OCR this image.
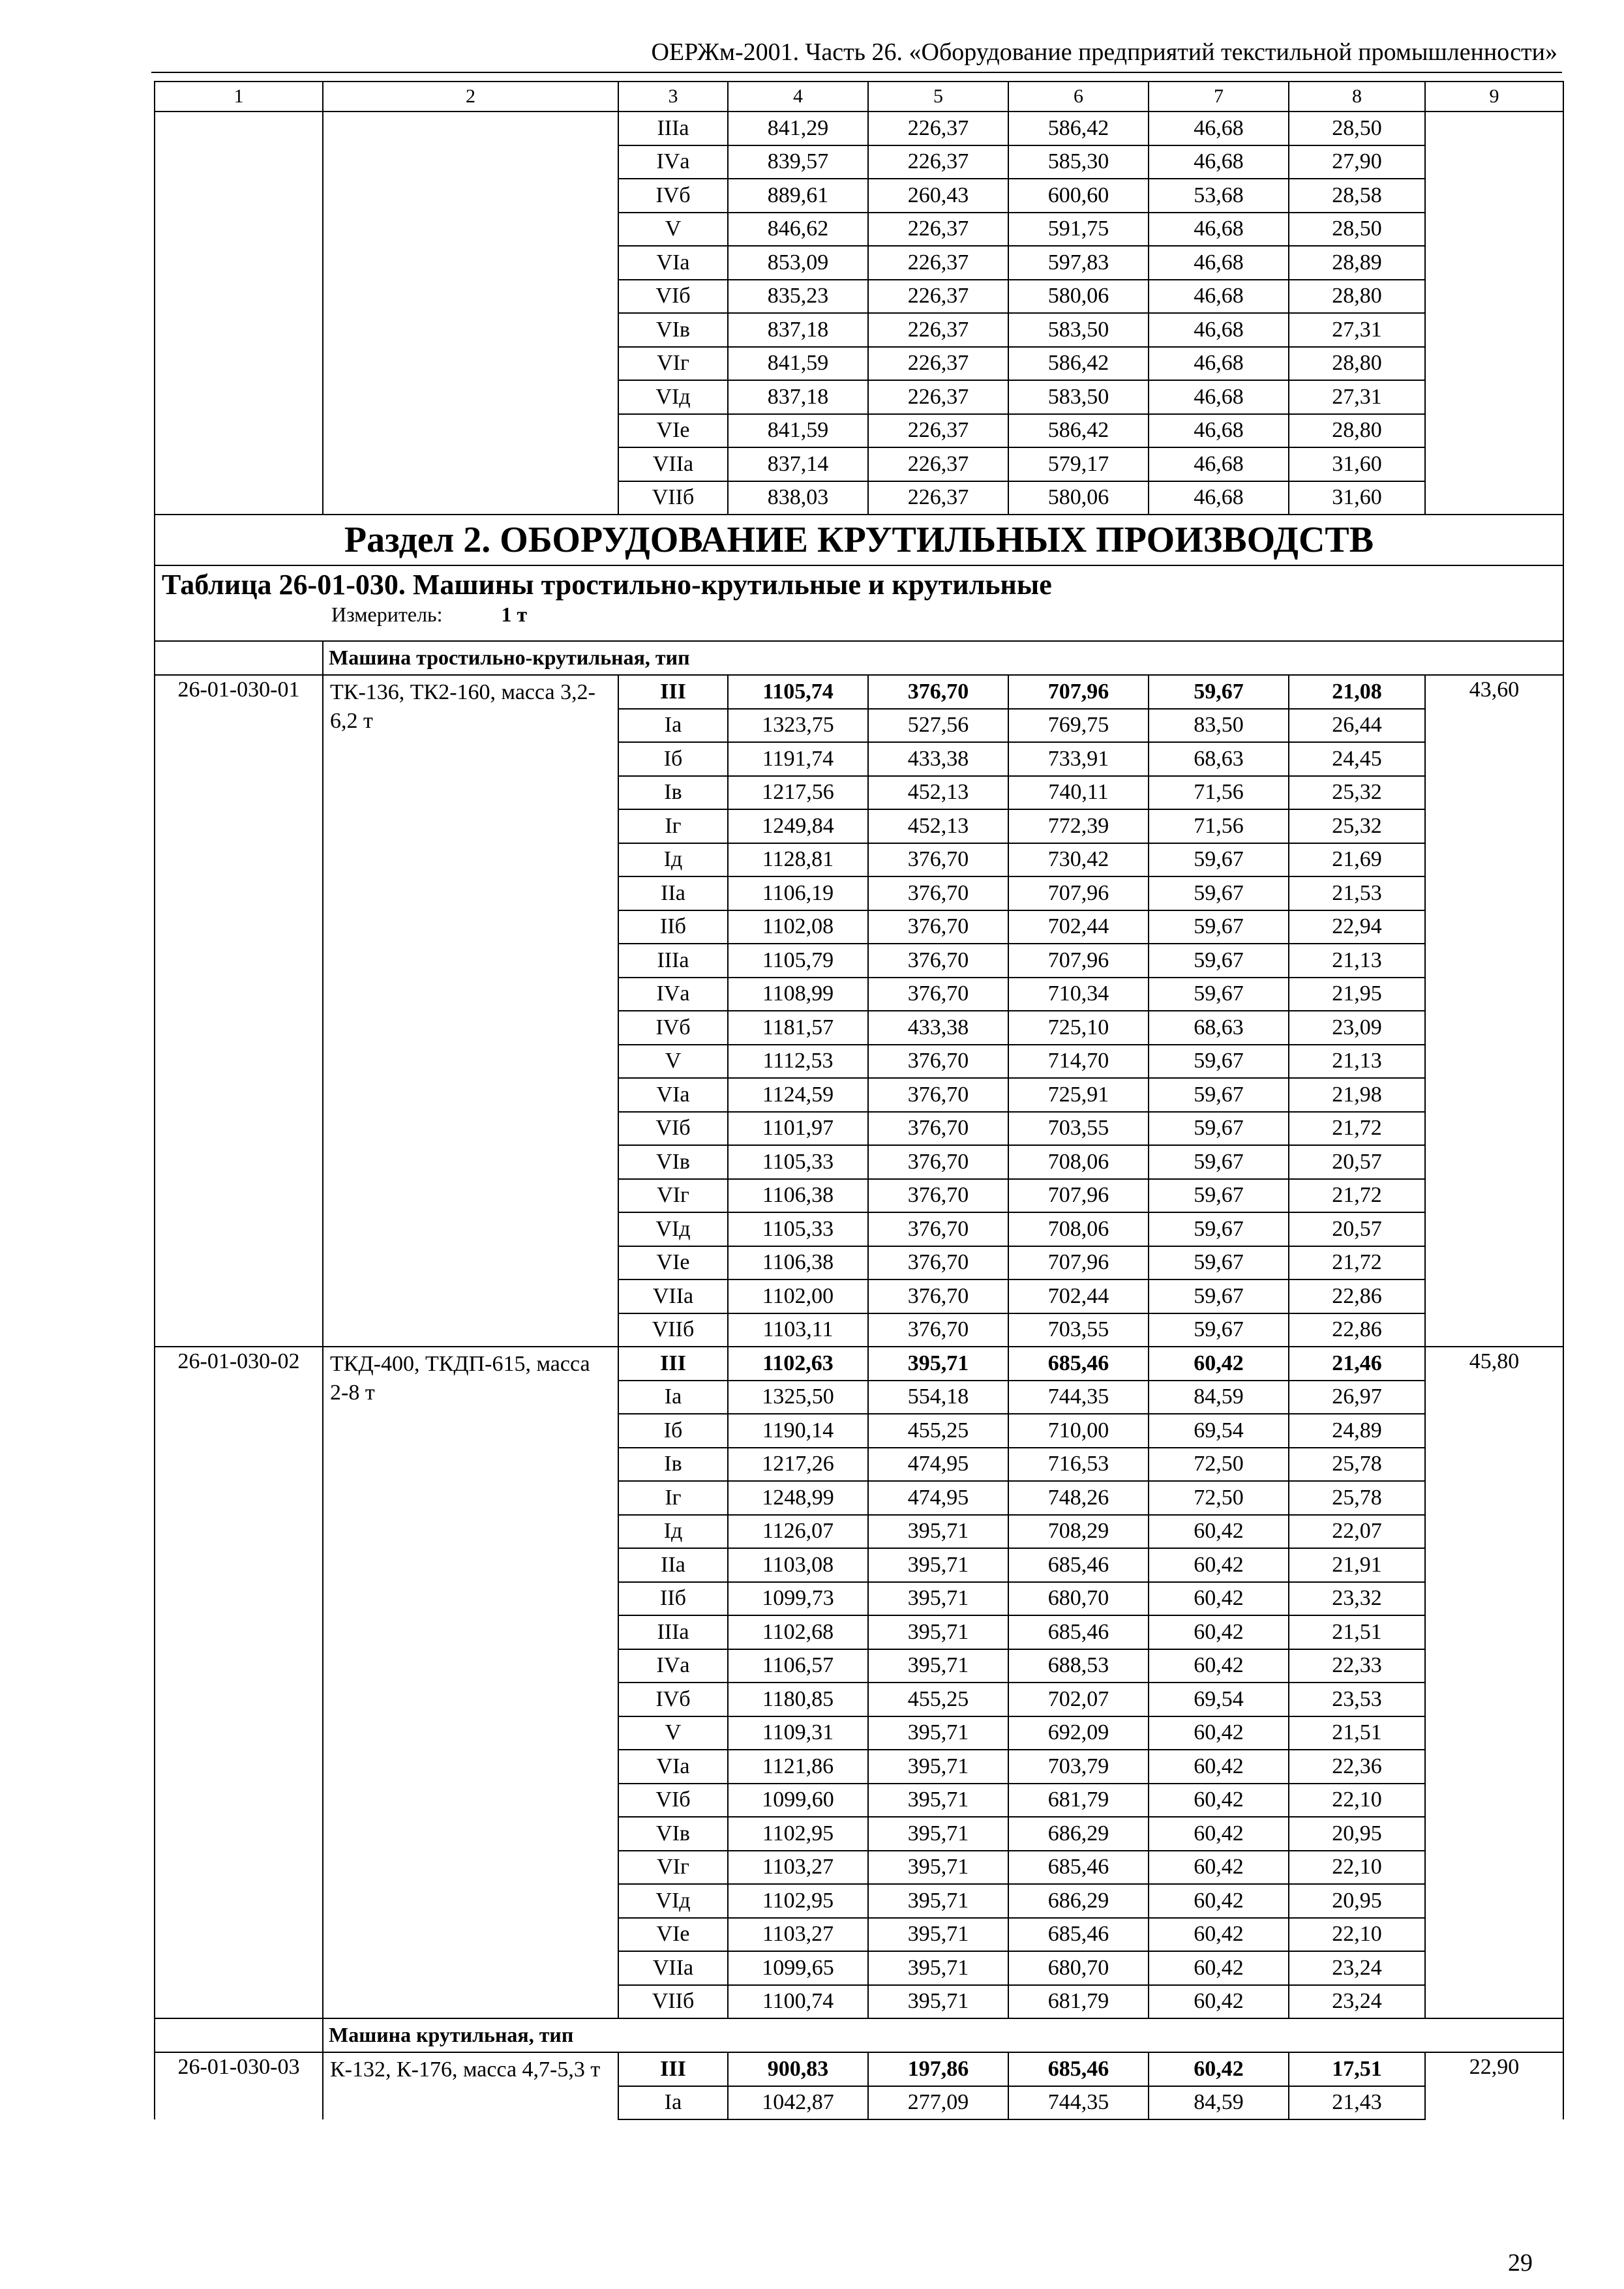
ОЕРЖм-2001. Часть 26. «Оборудование предприятий текстильной промышленности»
1	2	3	4	5	6	7	8	9
		IIIа	841,29	226,37	586,42	46,68	28,50	
		IVа	839,57	226,37	585,30	46,68	27,90	
		IVб	889,61	260,43	600,60	53,68	28,58	
		V	846,62	226,37	591,75	46,68	28,50	
		VIа	853,09	226,37	597,83	46,68	28,89	
		VIб	835,23	226,37	580,06	46,68	28,80	
		VIв	837,18	226,37	583,50	46,68	27,31	
		VIг	841,59	226,37	586,42	46,68	28,80	
		VIд	837,18	226,37	583,50	46,68	27,31	
		VIе	841,59	226,37	586,42	46,68	28,80	
		VIIа	837,14	226,37	579,17	46,68	31,60	
		VIIб	838,03	226,37	580,06	46,68	31,60	
Раздел 2. ОБОРУДОВАНИЕ КРУТИЛЬНЫХ ПРОИЗВОДСТВ								

Таблица 26-01-030. Машины тростильно-крутильные и крутильные
Измеритель: 1 т								

	Машина тростильно-крутильная, тип							
26-01-030-01	ТК-136, ТК2-160, масса 3,2-6,2 т	III	1105,74	376,70	707,96	59,67	21,08	43,60
		Iа	1323,75	527,56	769,75	83,50	26,44	
		Iб	1191,74	433,38	733,91	68,63	24,45	
		Iв	1217,56	452,13	740,11	71,56	25,32	
		Iг	1249,84	452,13	772,39	71,56	25,32	
		Iд	1128,81	376,70	730,42	59,67	21,69	
		IIа	1106,19	376,70	707,96	59,67	21,53	
		IIб	1102,08	376,70	702,44	59,67	22,94	
		IIIа	1105,79	376,70	707,96	59,67	21,13	
		IVа	1108,99	376,70	710,34	59,67	21,95	
		IVб	1181,57	433,38	725,10	68,63	23,09	
		V	1112,53	376,70	714,70	59,67	21,13	
		VIа	1124,59	376,70	725,91	59,67	21,98	
		VIб	1101,97	376,70	703,55	59,67	21,72	
		VIв	1105,33	376,70	708,06	59,67	20,57	
		VIг	1106,38	376,70	707,96	59,67	21,72	
		VIд	1105,33	376,70	708,06	59,67	20,57	
		VIе	1106,38	376,70	707,96	59,67	21,72	
		VIIа	1102,00	376,70	702,44	59,67	22,86	
		VIIб	1103,11	376,70	703,55	59,67	22,86	
26-01-030-02	ТКД-400, ТКДП-615, масса 2-8 т	III	1102,63	395,71	685,46	60,42	21,46	45,80
		Iа	1325,50	554,18	744,35	84,59	26,97	
		Iб	1190,14	455,25	710,00	69,54	24,89	
		Iв	1217,26	474,95	716,53	72,50	25,78	
		Iг	1248,99	474,95	748,26	72,50	25,78	
		Iд	1126,07	395,71	708,29	60,42	22,07	
		IIа	1103,08	395,71	685,46	60,42	21,91	
		IIб	1099,73	395,71	680,70	60,42	23,32	
		IIIа	1102,68	395,71	685,46	60,42	21,51	
		IVа	1106,57	395,71	688,53	60,42	22,33	
		IVб	1180,85	455,25	702,07	69,54	23,53	
		V	1109,31	395,71	692,09	60,42	21,51	
		VIа	1121,86	395,71	703,79	60,42	22,36	
		VIб	1099,60	395,71	681,79	60,42	22,10	
		VIв	1102,95	395,71	686,29	60,42	20,95	
		VIг	1103,27	395,71	685,46	60,42	22,10	
		VIд	1102,95	395,71	686,29	60,42	20,95	
		VIе	1103,27	395,71	685,46	60,42	22,10	
		VIIа	1099,65	395,71	680,70	60,42	23,24	
		VIIб	1100,74	395,71	681,79	60,42	23,24	
	Машина крутильная, тип							
26-01-030-03	К-132, К-176, масса 4,7-5,3 т	III	900,83	197,86	685,46	60,42	17,51	22,90
		Iа	1042,87	277,09	744,35	84,59	21,43	
29
